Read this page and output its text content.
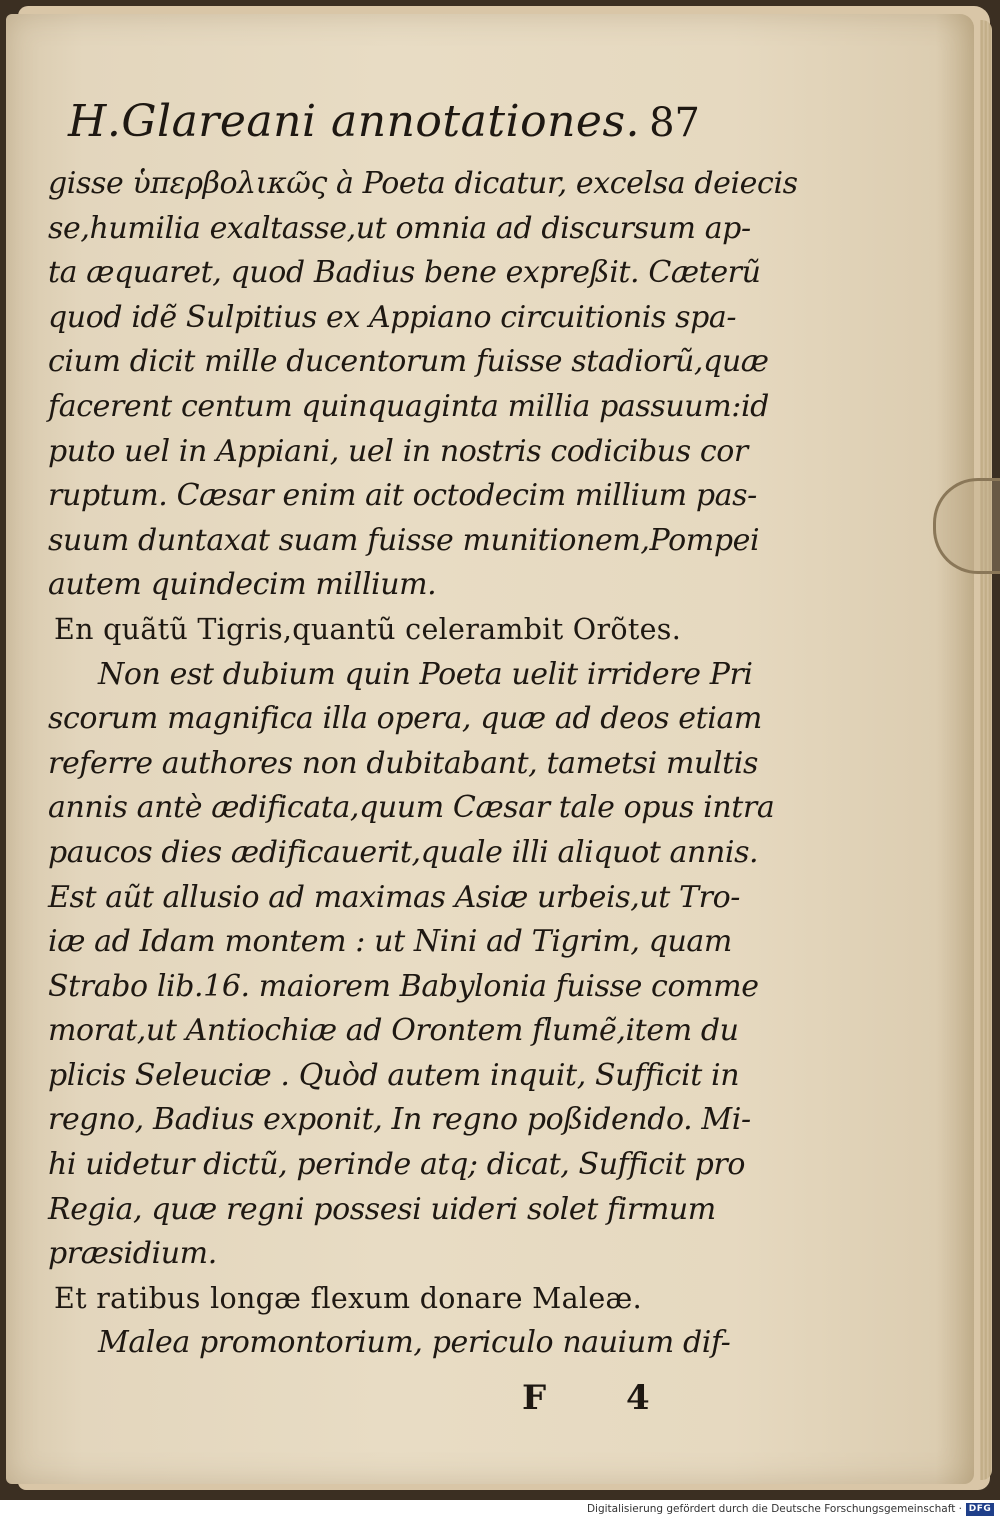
H.Glareani annotationes. 87
gisse ὑπερβολικῶς à Poeta dicatur, excelsa deiecis
se,humilia exaltasse,ut omnia ad discursum ap-
ta æquaret, quod Badius bene expreßit. Cæterũ
quod idẽ Sulpitius ex Appiano circuitionis spa-
cium dicit mille ducentorum fuisse stadiorũ,quæ
facerent centum quinquaginta millia passuum:id
puto uel in Appiani, uel in nostris codicibus cor
ruptum. Cæsar enim ait octodecim millium pas-
suum duntaxat suam fuisse munitionem,Pompei
autem quindecim millium.
En quãtũ Tigris,quantũ celerambit Orõtes.
Non est dubium quin Poeta uelit irridere Pri
scorum magnifica illa opera, quæ ad deos etiam
referre authores non dubitabant, tametsi multis
annis antè ædificata,quum Cæsar tale opus intra
paucos dies ædificauerit,quale illi aliquot annis.
Est aũt allusio ad maximas Asiæ urbeis,ut Tro-
iæ ad Idam montem : ut Nini ad Tigrim, quam
Strabo lib.16. maiorem Babylonia fuisse comme
morat,ut Antiochiæ ad Orontem flumẽ,item du
plicis Seleuciæ . Quòd autem inquit, Sufficit in
regno, Badius exponit, In regno poßidendo. Mi-
hi uidetur dictũ, perinde atq; dicat, Sufficit pro
Regia, quæ regni possesi uideri solet firmum
præsidium.
Et ratibus longæ flexum donare Maleæ.
Malea promontorium, periculo nauium dif-
F 4
Digitalisierung gefördert durch die Deutsche Forschungsgemeinschaft · DFG
